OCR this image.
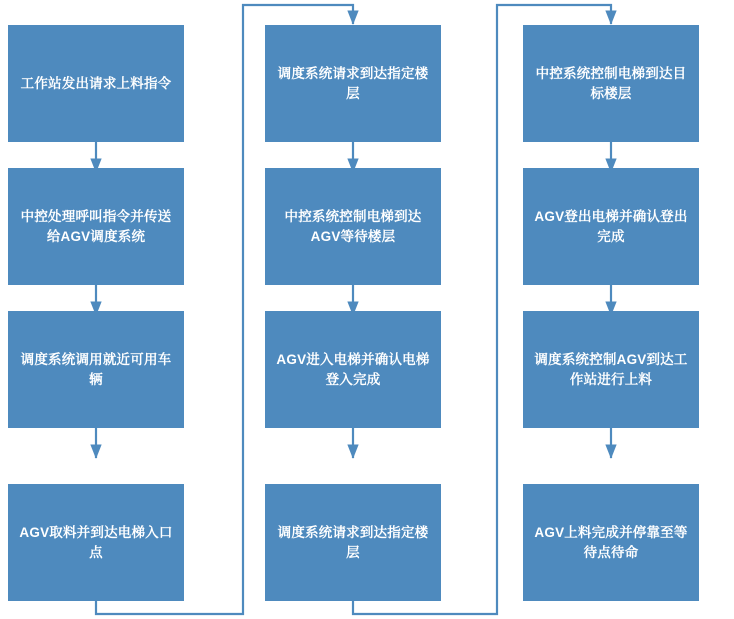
工作站发出请求上料指令
中控处理呼叫指令并传送给AGV调度系统
调度系统调用就近可用车辆
AGV取料并到达电梯入口点
调度系统请求到达指定楼层
中控系统控制电梯到达AGV等待楼层
AGV进入电梯并确认电梯登入完成
调度系统请求到达指定楼层
中控系统控制电梯到达目标楼层
AGV登出电梯并确认登出完成
调度系统控制AGV到达工作站进行上料
AGV上料完成并停靠至等待点待命
